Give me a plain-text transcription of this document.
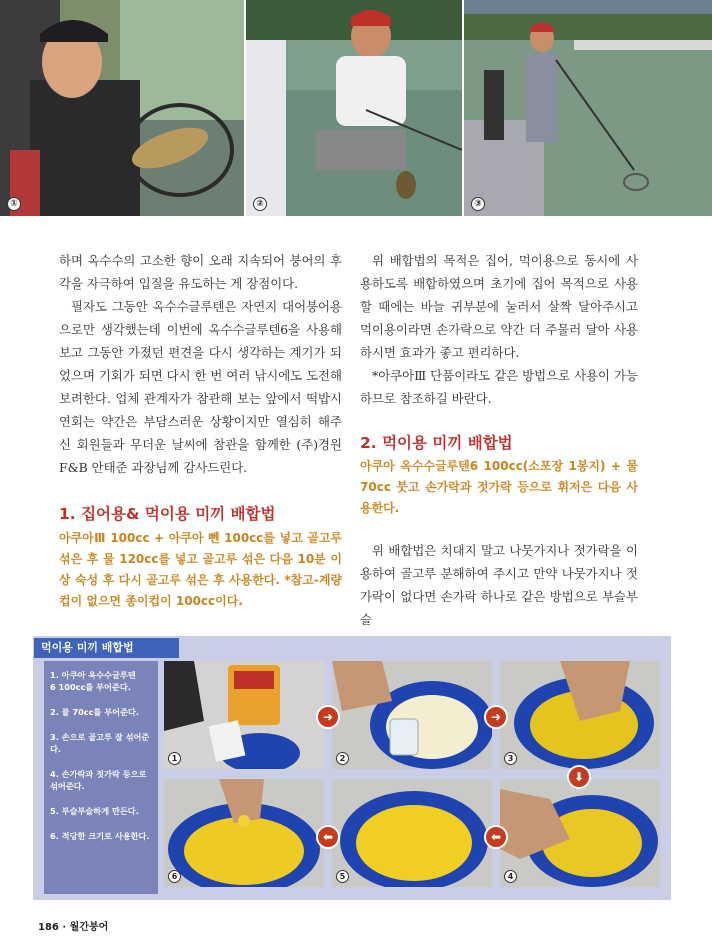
①	②	③

하며 옥수수의 고소한 향이 오래 지속되어 붕어의 후각을 자극하여 입질을 유도하는 게 장점이다.

필자도 그동안 옥수수글루텐은 자연지 대어붕어용으로만 생각했는데 이번에 옥수수글루텐6을 사용해보고 그동안 가졌던 편견을 다시 생각하는 계기가 되었으며 기회가 되면 다시 한 번 여러 낚시에도 도전해 보려한다. 업체 관계자가 참관해 보는 앞에서 떡밥시연회는 약간은 부담스러운 상황이지만 열심히 해주신 회원들과 무더운 날씨에 참관을 함께한 (주)경원F&B 안태준 과장님께 감사드린다.

1. 집어용& 먹이용 미끼 배합법

아쿠아Ⅲ 100cc + 아쿠아 뻰 100cc를 넣고 골고루 섞은 후 물 120cc를 넣고 골고루 섞은 다음 10분 이상 숙성 후 다시 골고루 섞은 후 사용한다. *참고-계량컵이 없으면 종이컵이 100cc이다.

위 배합법의 목적은 집어, 먹이용으로 동시에 사용하도록 배합하였으며 초기에 집어 목적으로 사용 할 때에는 바늘 귀부분에 눌러서 살짝 달아주시고 먹이용이라면 손가락으로 약간 더 주물러 달아 사용하시면 효과가 좋고 편리하다.

*아쿠아Ⅲ 단품이라도 같은 방법으로 사용이 가능하므로 참조하길 바란다.

2. 먹이용 미끼 배합법

아쿠아 옥수수글루텐6 100cc(소포장 1봉지) + 물 70cc 붓고 손가락과 젓가락 등으로 휘저은 다음 사용한다.

위 배합법은 치대지 말고 나뭇가지나 젓가락을 이용하여 골고루 분해하여 주시고 만약 나뭇가지나 젓가락이 없다면 손가락 하나로 같은 방법으로 부슬부슬

먹이용 미끼 배합법
1. 아쿠아 옥수수글루텐
6 100cc를 부어준다.
2. 물 70cc를 부어준다.
3. 손으로 골고루 잘 섞어준다.
4. 손가락과 젓가락 등으로
섞어준다.
5. 부슬부슬하게 만든다.
6. 적당한 크기로 사용한다.
1	2	3
4
5
6
➜	➜
⬇
⬅
⬅
186 · 월간붕어
